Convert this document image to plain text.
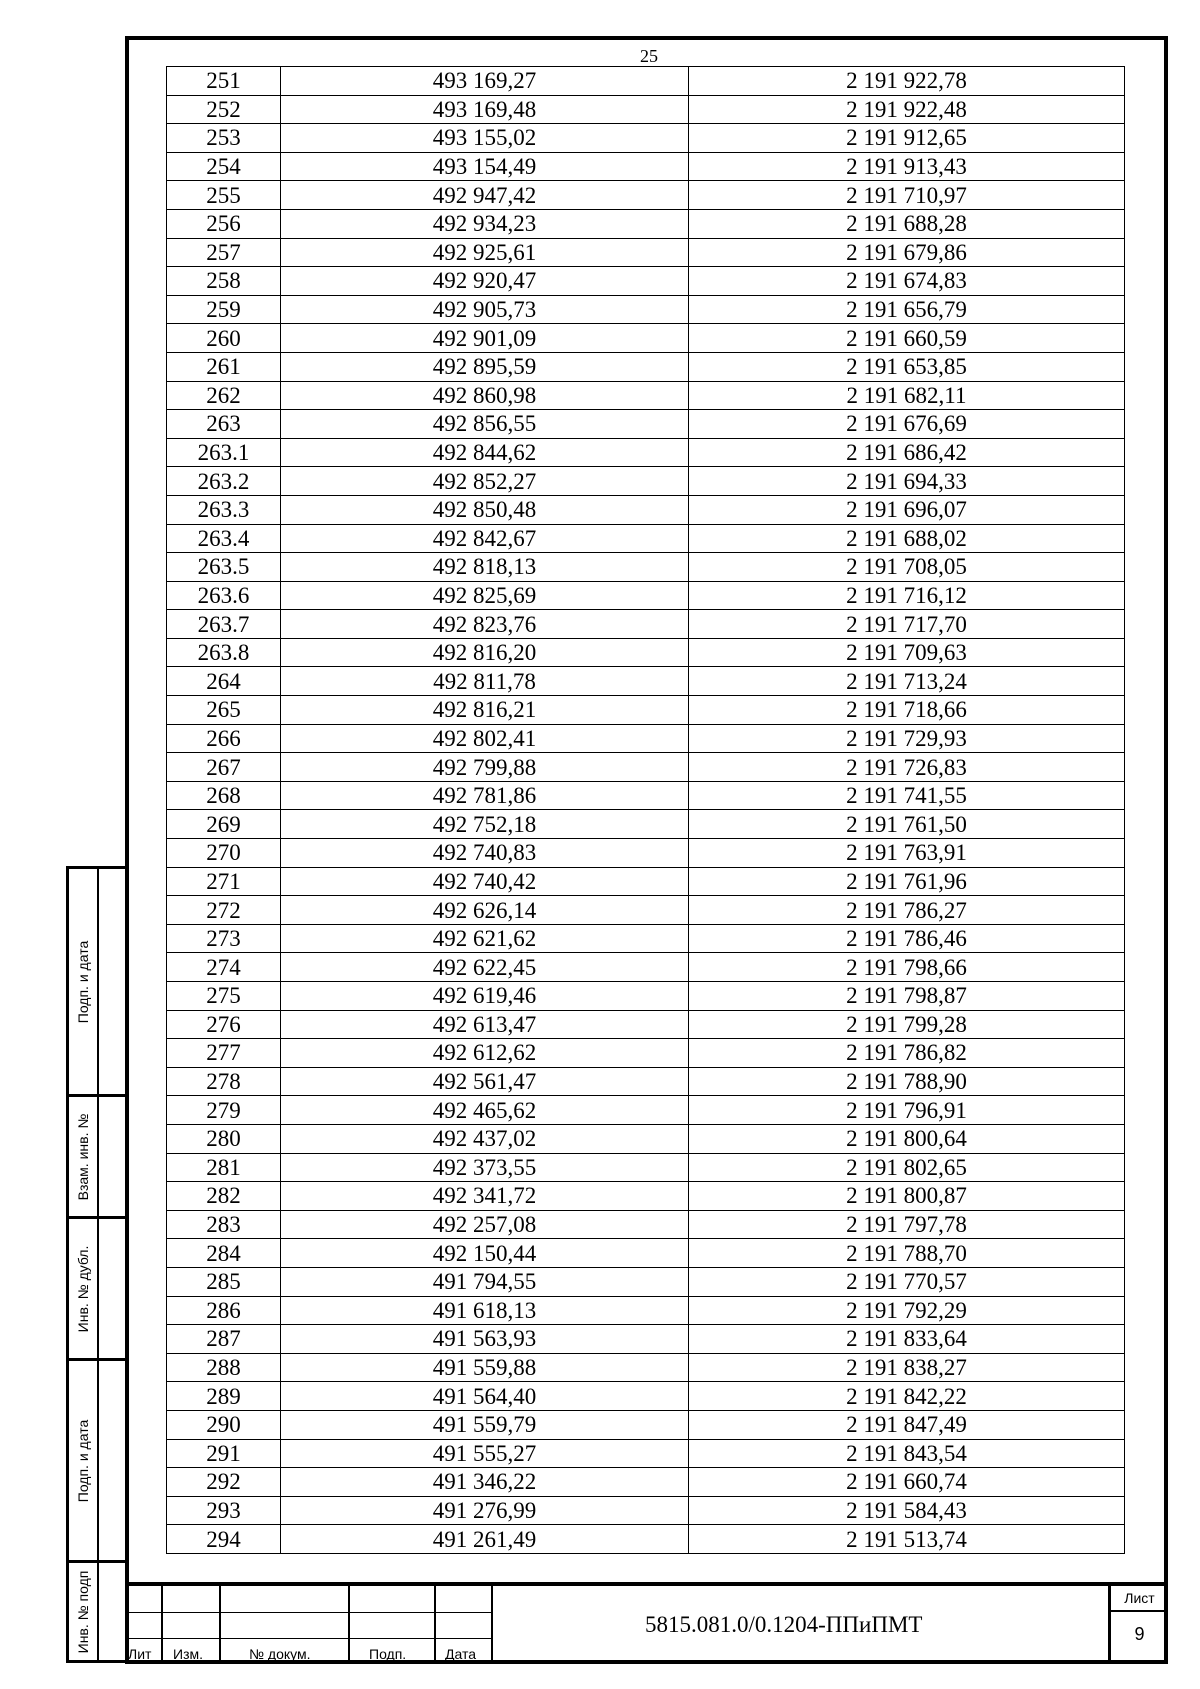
25
251	493 169,27	2 191 922,78
252	493 169,48	2 191 922,48
253	493 155,02	2 191 912,65
254	493 154,49	2 191 913,43
255	492 947,42	2 191 710,97
256	492 934,23	2 191 688,28
257	492 925,61	2 191 679,86
258	492 920,47	2 191 674,83
259	492 905,73	2 191 656,79
260	492 901,09	2 191 660,59
261	492 895,59	2 191 653,85
262	492 860,98	2 191 682,11
263	492 856,55	2 191 676,69
263.1	492 844,62	2 191 686,42
263.2	492 852,27	2 191 694,33
263.3	492 850,48	2 191 696,07
263.4	492 842,67	2 191 688,02
263.5	492 818,13	2 191 708,05
263.6	492 825,69	2 191 716,12
263.7	492 823,76	2 191 717,70
263.8	492 816,20	2 191 709,63
264	492 811,78	2 191 713,24
265	492 816,21	2 191 718,66
266	492 802,41	2 191 729,93
267	492 799,88	2 191 726,83
268	492 781,86	2 191 741,55
269	492 752,18	2 191 761,50
270	492 740,83	2 191 763,91
271	492 740,42	2 191 761,96
272	492 626,14	2 191 786,27
273	492 621,62	2 191 786,46
274	492 622,45	2 191 798,66
275	492 619,46	2 191 798,87
276	492 613,47	2 191 799,28
277	492 612,62	2 191 786,82
278	492 561,47	2 191 788,90
279	492 465,62	2 191 796,91
280	492 437,02	2 191 800,64
281	492 373,55	2 191 802,65
282	492 341,72	2 191 800,87
283	492 257,08	2 191 797,78
284	492 150,44	2 191 788,70
285	491 794,55	2 191 770,57
286	491 618,13	2 191 792,29
287	491 563,93	2 191 833,64
288	491 559,88	2 191 838,27
289	491 564,40	2 191 842,22
290	491 559,79	2 191 847,49
291	491 555,27	2 191 843,54
292	491 346,22	2 191 660,74
293	491 276,99	2 191 584,43
294	491 261,49	2 191 513,74
Подп. и дата
Взам. инв. №
Инв. № дубл.
Подп. и дата
Инв. № подп
Лит Изм.	№ докум.	Подп.	Дата
5815.081.0/0.1204-ППиПМТ
Лист
9
